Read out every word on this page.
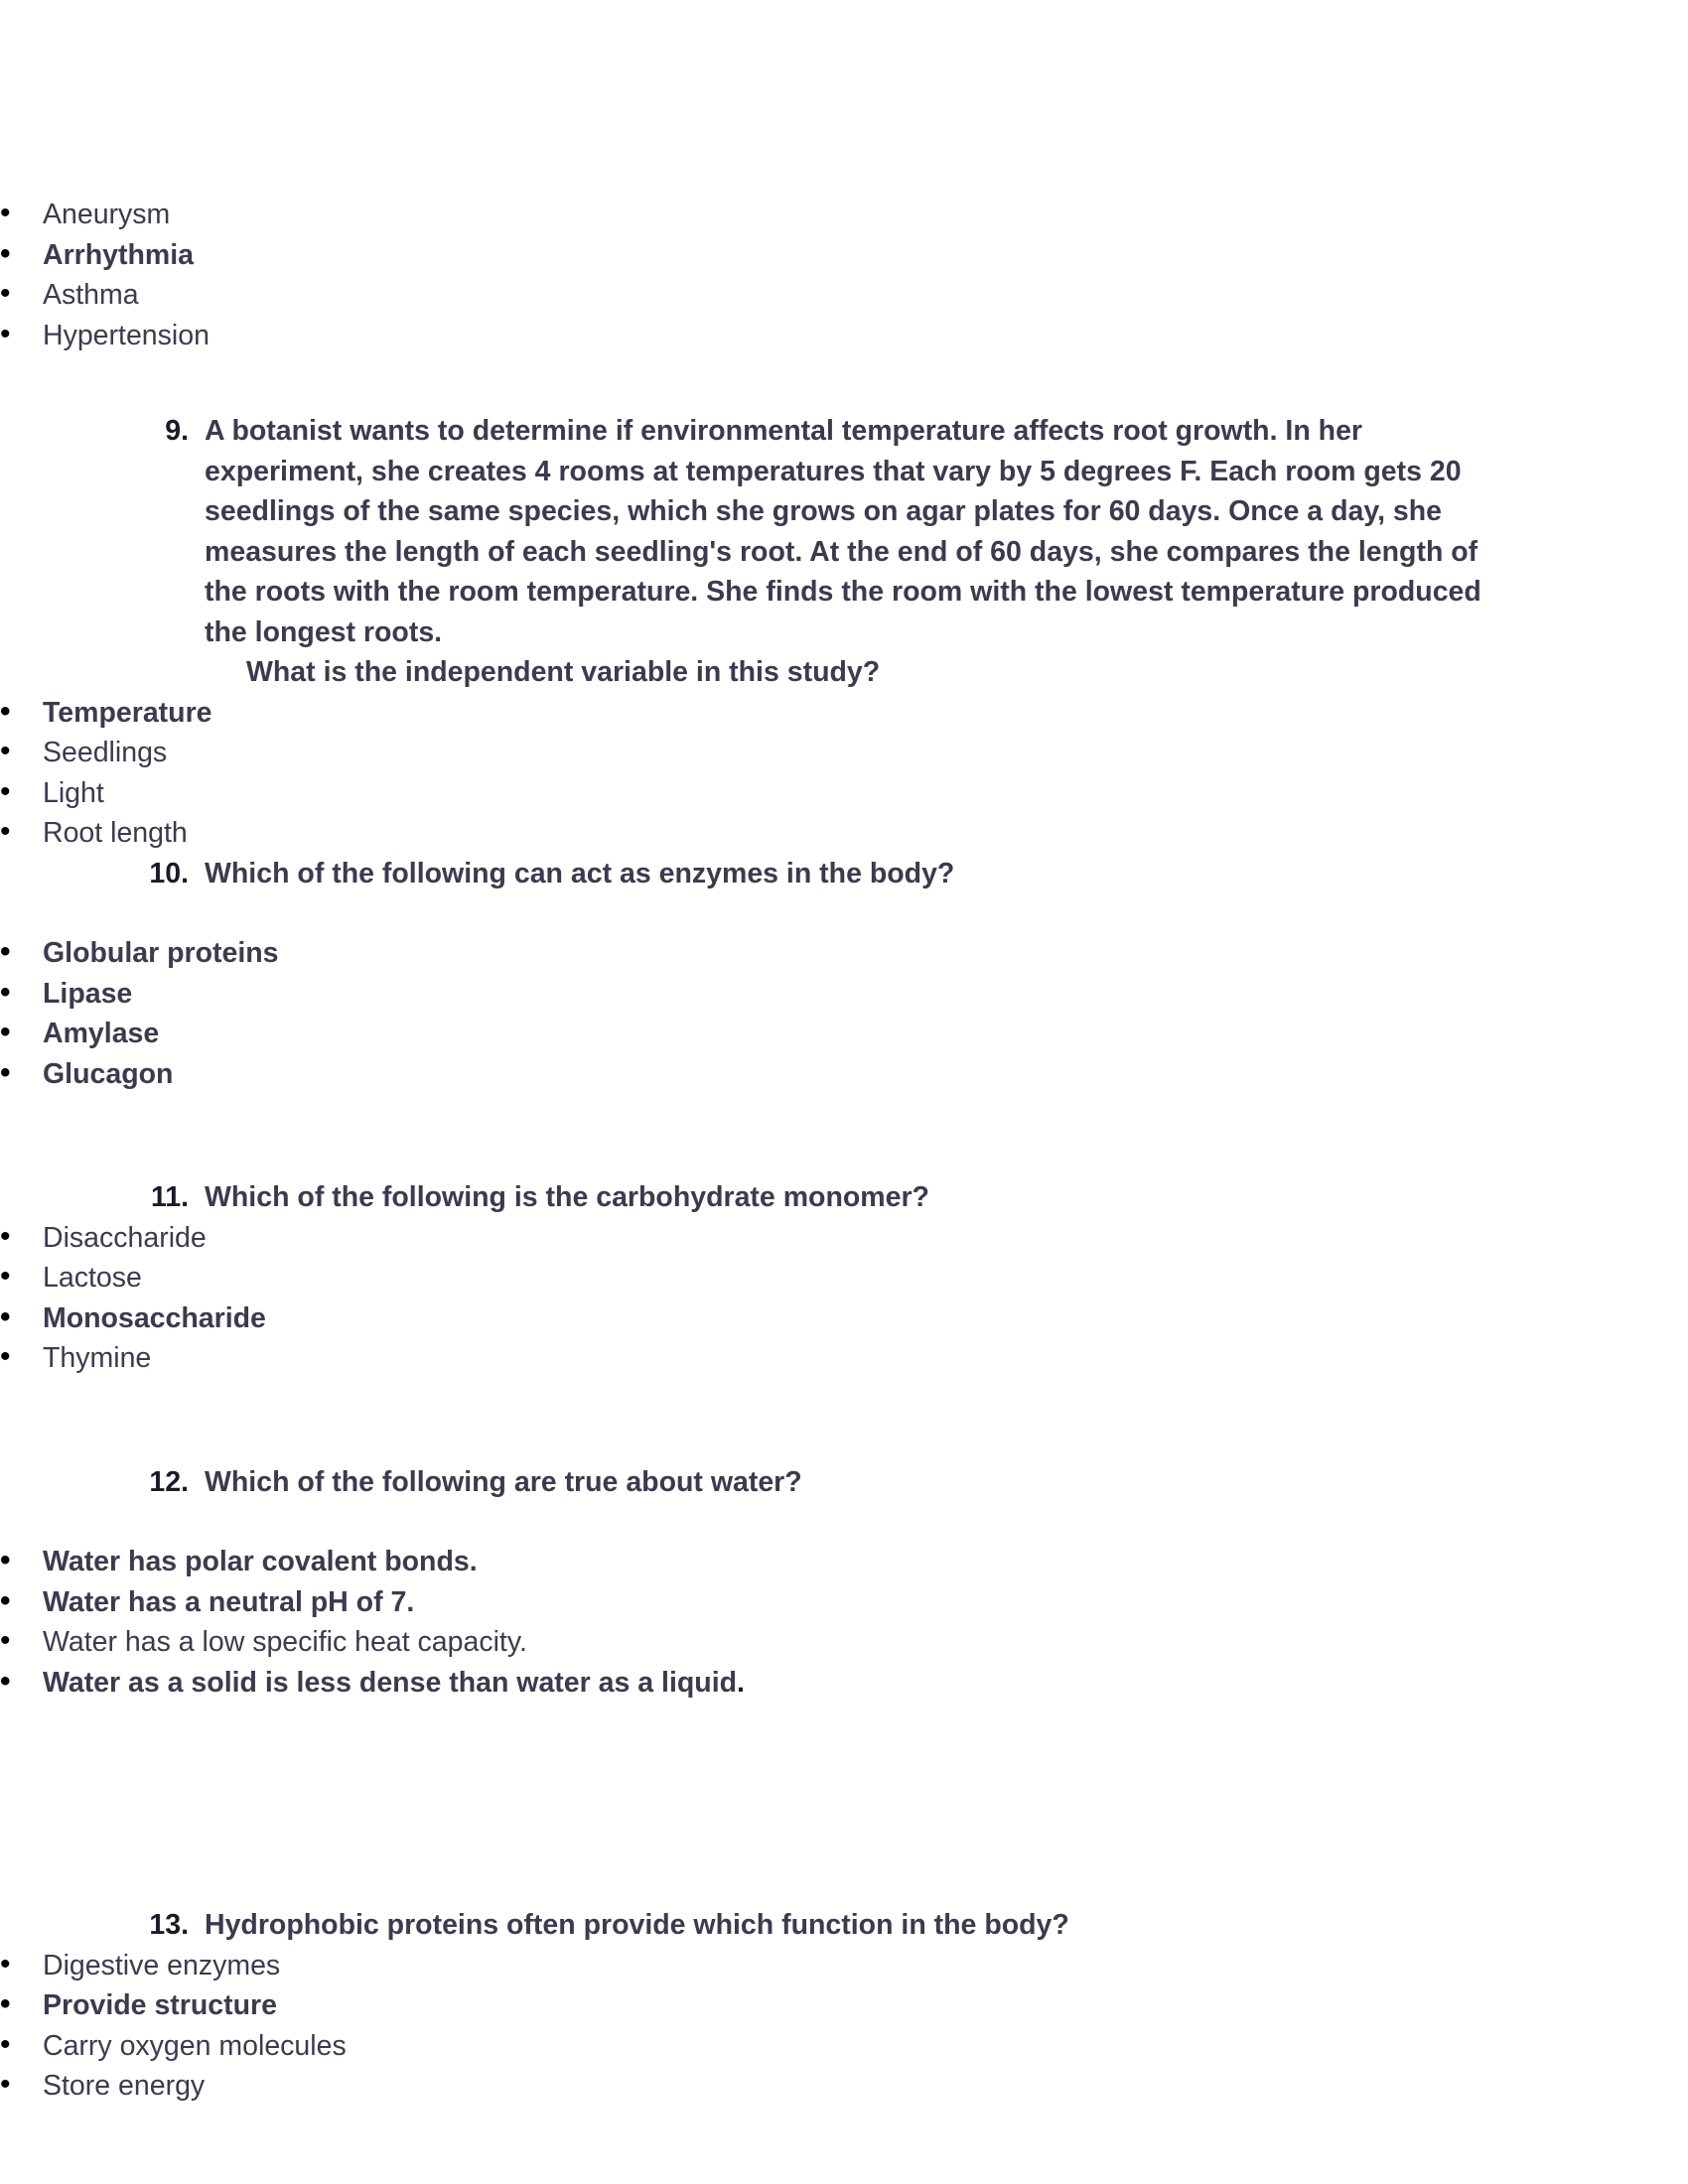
• Aneurysm
• Arrhythmia
• Asthma
• Hypertension
9. A botanist wants to determine if environmental temperature affects root growth. In her experiment, she creates 4 rooms at temperatures that vary by 5 degrees F. Each room gets 20 seedlings of the same species, which she grows on agar plates for 60 days. Once a day, she measures the length of each seedling's root. At the end of 60 days, she compares the length of the roots with the room temperature. She finds the room with the lowest temperature produced the longest roots.
What is the independent variable in this study?
• Temperature
• Seedlings
• Light
• Root length
10. Which of the following can act as enzymes in the body?
• Globular proteins
• Lipase
• Amylase
• Glucagon
11. Which of the following is the carbohydrate monomer?
• Disaccharide
• Lactose
• Monosaccharide
• Thymine
12. Which of the following are true about water?
• Water has polar covalent bonds.
• Water has a neutral pH of 7.
• Water has a low specific heat capacity.
• Water as a solid is less dense than water as a liquid.
13. Hydrophobic proteins often provide which function in the body?
• Digestive enzymes
• Provide structure
• Carry oxygen molecules
• Store energy
